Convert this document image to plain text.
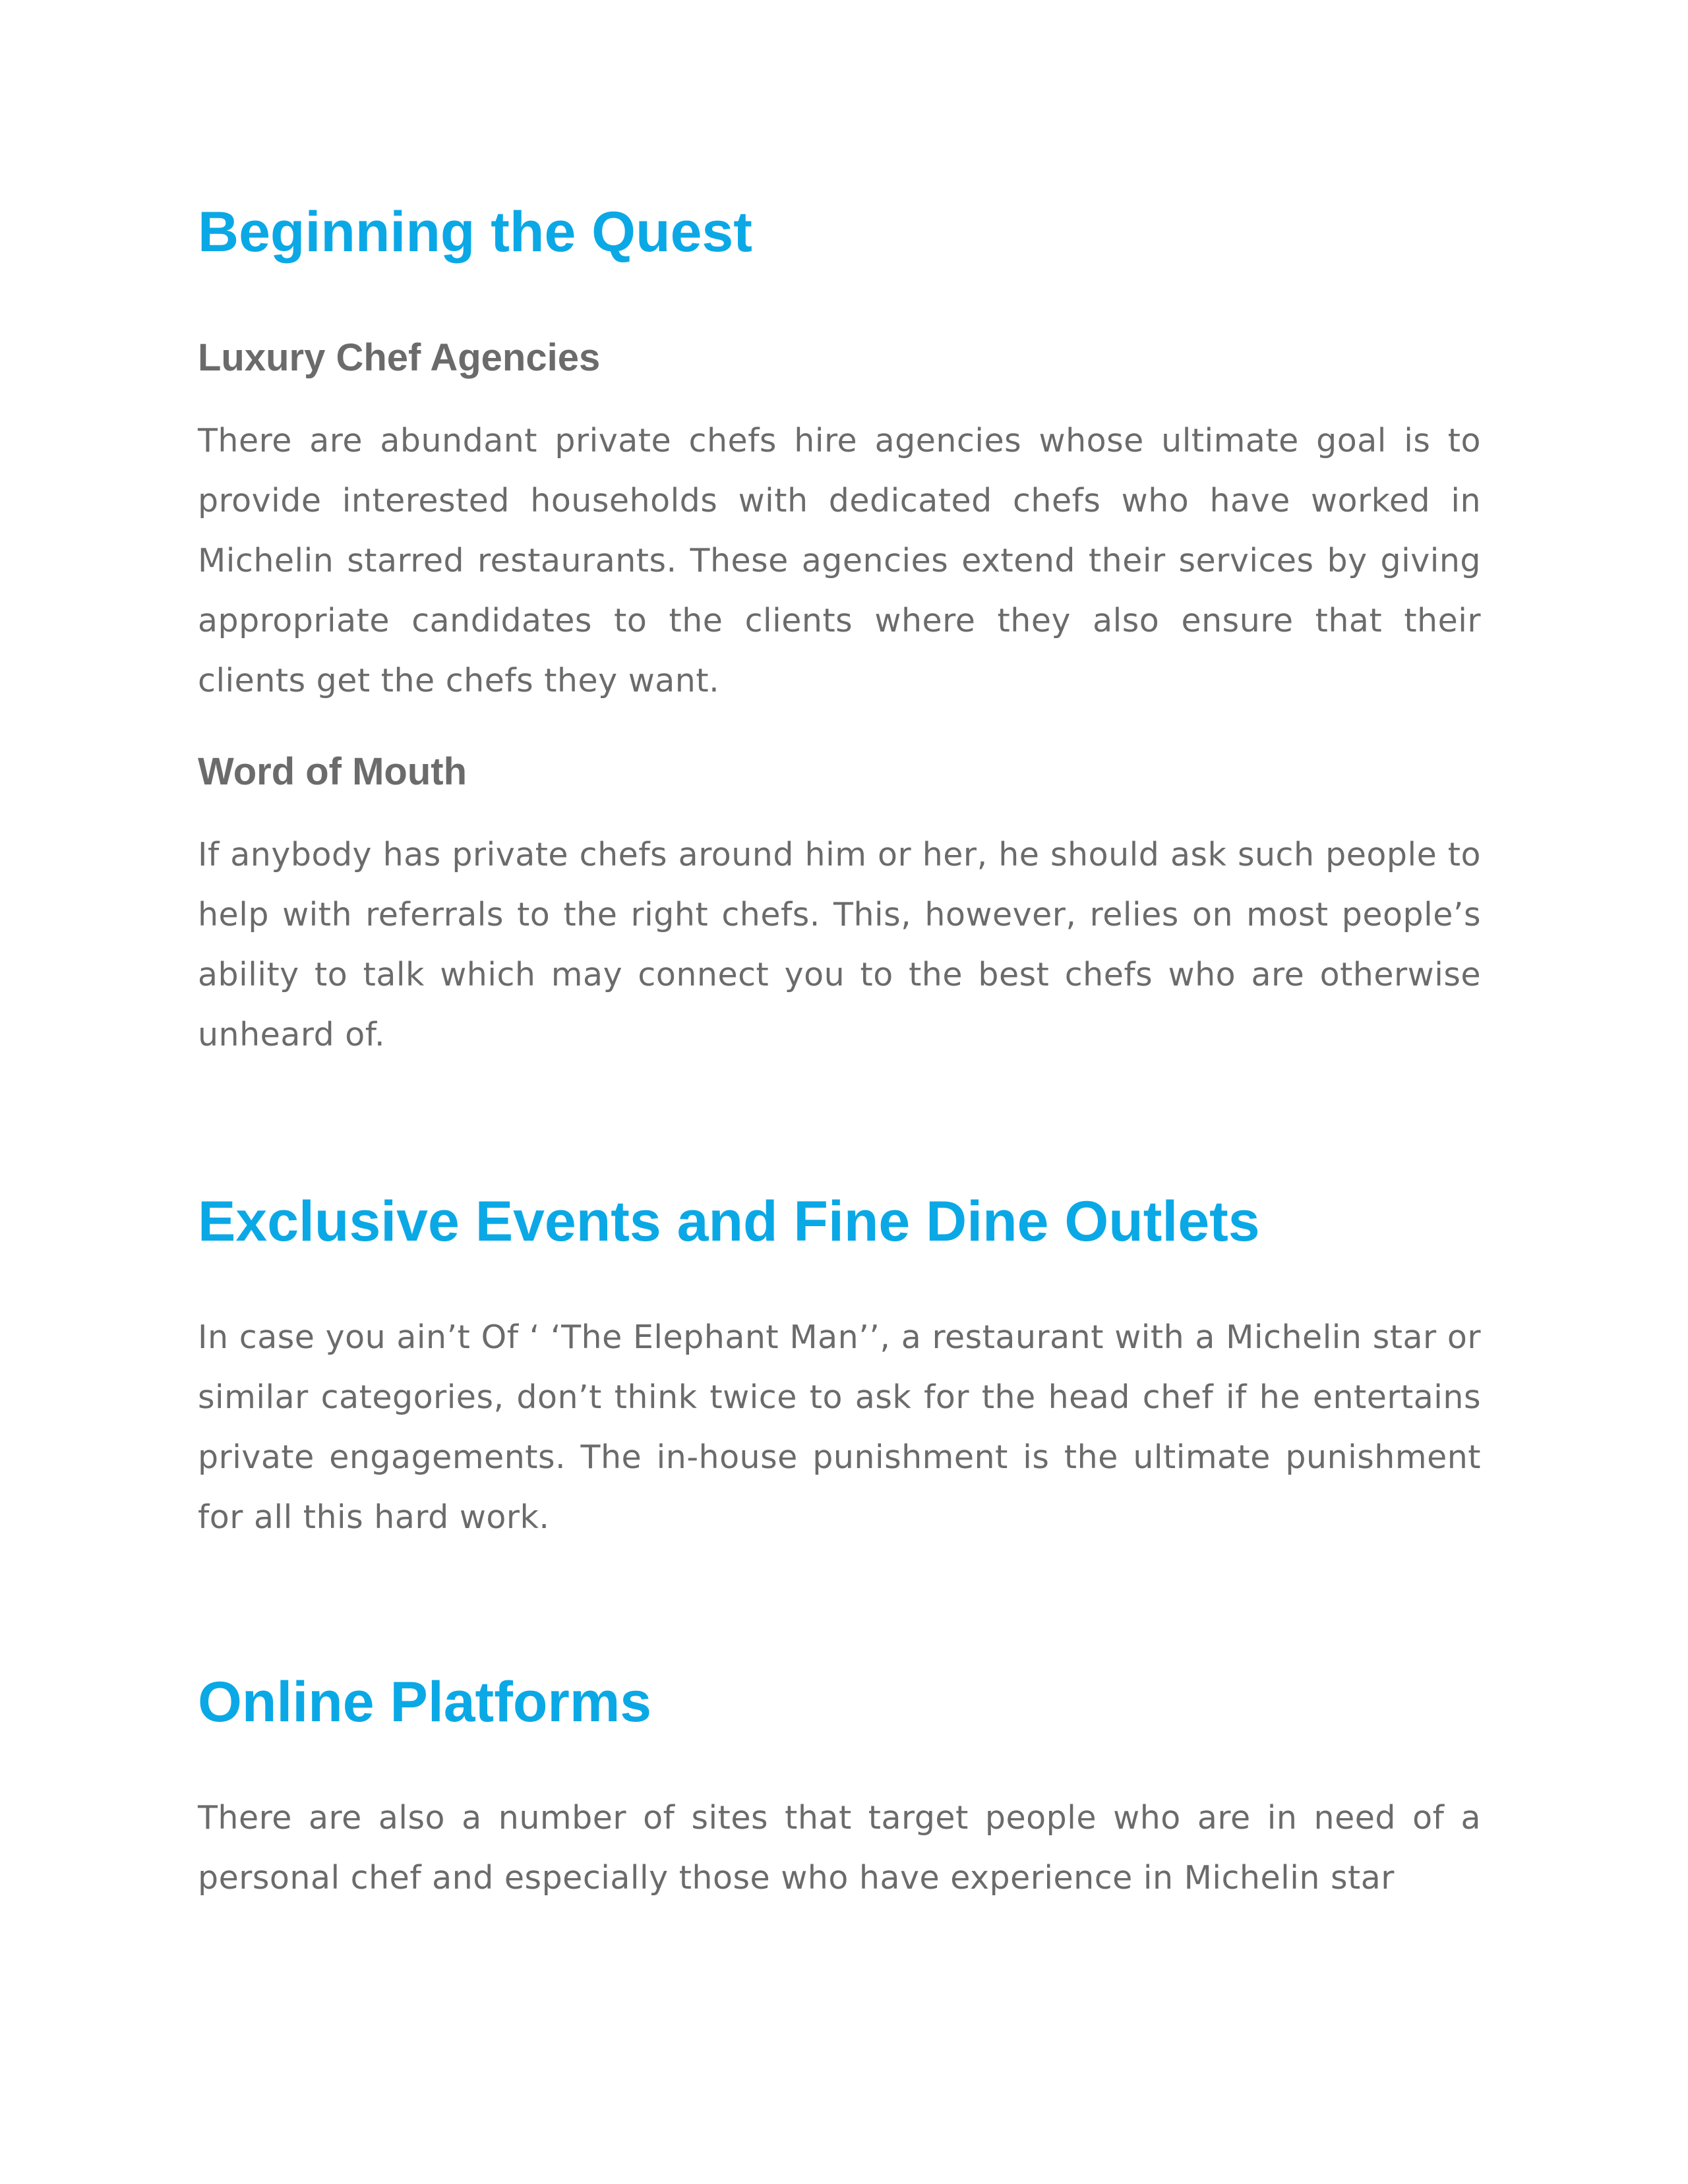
Beginning the Quest
Luxury Chef Agencies

There are abundant private chefs hire agencies whose ultimate goal is to provide interested households with dedicated chefs who have worked in Michelin starred restaurants. These agencies extend their services by giving appropriate candidates to the clients where they also ensure that their clients get the chefs they want.

Word of Mouth

If anybody has private chefs around him or her, he should ask such people to help with referrals to the right chefs. This, however, relies on most people’s ability to talk which may connect you to the best chefs who are otherwise unheard of.

Exclusive Events and Fine Dine Outlets

In case you ain’t Of ‘ ‘The Elephant Man’’, a restaurant with a Michelin star or similar categories, don’t think twice to ask for the head chef if he entertains private engagements. The in-house punishment is the ultimate punishment for all this hard work.

Online Platforms

There are also a number of sites that target people who are in need of a personal chef and especially those who have experience in Michelin star
